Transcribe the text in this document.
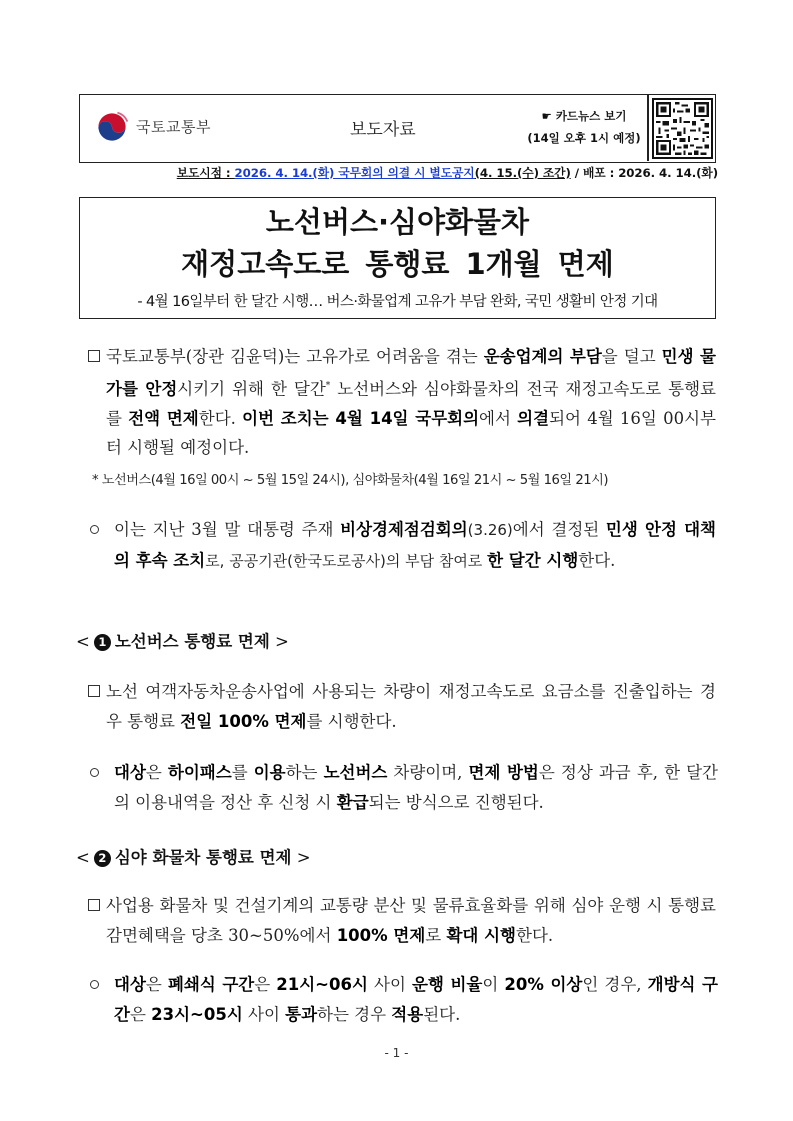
국토교통부	보도자료
☛ 카드뉴스 보기
(14일 오후 1시 예정)
보도시점 : 2026. 4. 14.(화) 국무회의 의결 시 별도공지(4. 15.(수) 조간) / 배포 : 2026. 4. 14.(화)
노선버스·심야화물차
재정고속도로 통행료 1개월 면제
- 4월 16일부터 한 달간 시행… 버스·화물업계 고유가 부담 완화, 국민 생활비 안정 기대
국토교통부(장관 김윤덕)는 고유가로 어려움을 겪는 운송업계의 부담을 덜고 민생 물가를 안정시키기 위해 한 달간* 노선버스와 심야화물차의 전국 재정고속도로 통행료를 전액 면제한다. 이번 조치는 4월 14일 국무회의에서 의결되어 4월 16일 00시부터 시행될 예정이다.
* 노선버스(4월 16일 00시 ~ 5월 15일 24시), 심야화물차(4월 16일 21시 ~ 5월 16일 21시)
이는 지난 3월 말 대통령 주재 비상경제점검회의(3.26)에서 결정된 민생 안정 대책의 후속 조치로, 공공기관(한국도로공사)의 부담 참여로 한 달간 시행한다.
< 1 노선버스 통행료 면제 >
노선 여객자동차운송사업에 사용되는 차량이 재정고속도로 요금소를 진출입하는 경우 통행료 전일 100% 면제를 시행한다.
대상은 하이패스를 이용하는 노선버스 차량이며, 면제 방법은 정상 과금 후, 한 달간의 이용내역을 정산 후 신청 시 환급되는 방식으로 진행된다.
< 2 심야 화물차 통행료 면제 >
사업용 화물차 및 건설기계의 교통량 분산 및 물류효율화를 위해 심야 운행 시 통행료 감면혜택을 당초 30~50%에서 100% 면제로 확대 시행한다.
대상은 폐쇄식 구간은 21시~06시 사이 운행 비율이 20% 이상인 경우, 개방식 구간은 23시~05시 사이 통과하는 경우 적용된다.
- 1 -
